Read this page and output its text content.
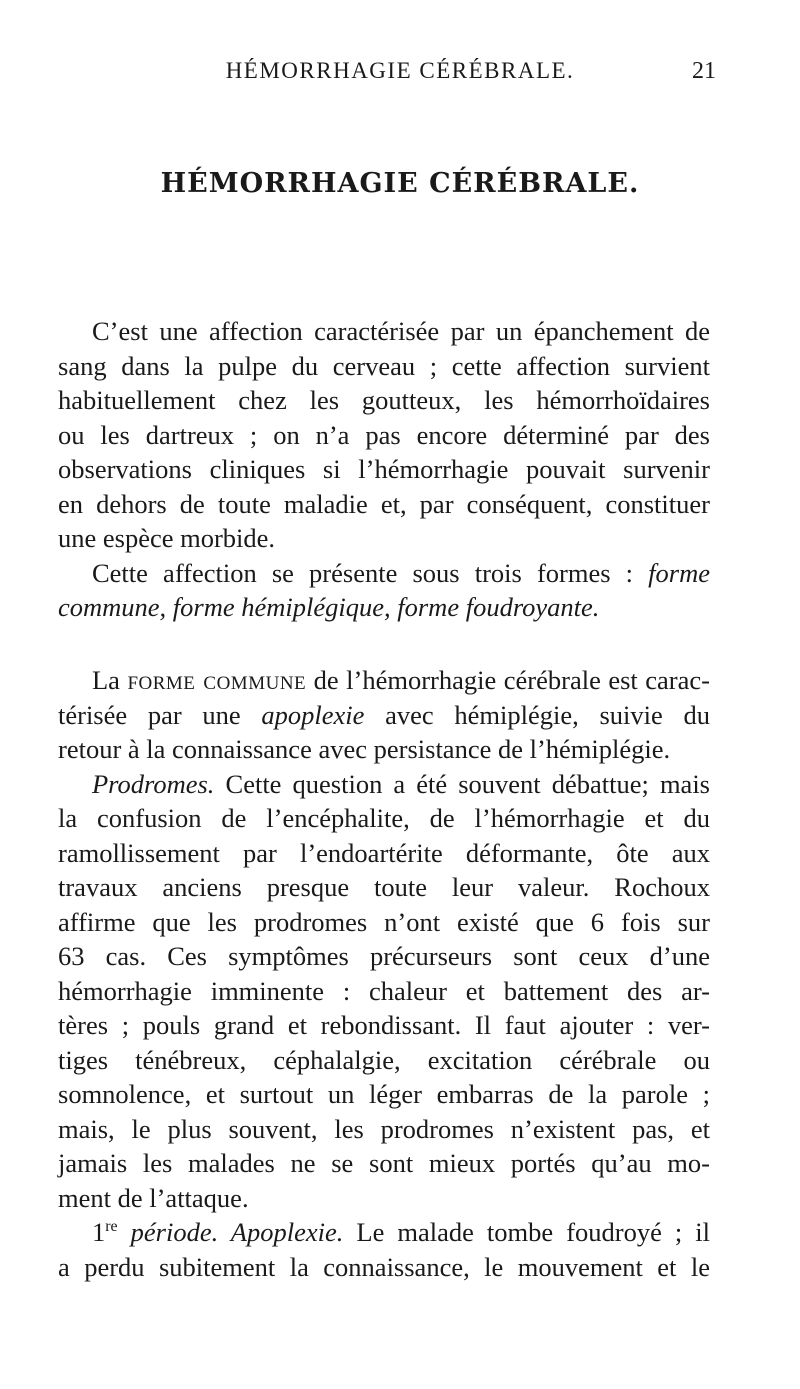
HÉMORRHAGIE CÉRÉBRALE.	21
HÉMORRHAGIE CÉRÉBRALE.
C’est une affection caractérisée par un épanchement de
sang dans la pulpe du cerveau ; cette affection survient
habituellement chez les goutteux, les hémorrhoïdaires
ou les dartreux ; on n’a pas encore déterminé par des
observations cliniques si l’hémorrhagie pouvait survenir
en dehors de toute maladie et, par conséquent, constituer
une espèce morbide.
Cette affection se présente sous trois formes : forme
commune, forme hémiplégique, forme foudroyante.
La forme commune de l’hémorrhagie cérébrale est carac-
térisée par une apoplexie avec hémiplégie, suivie du
retour à la connaissance avec persistance de l’hémiplégie.
Prodromes. Cette question a été souvent débattue; mais
la confusion de l’encéphalite, de l’hémorrhagie et du
ramollissement par l’endoartérite déformante, ôte aux
travaux anciens presque toute leur valeur. Rochoux
affirme que les prodromes n’ont existé que 6 fois sur
63 cas. Ces symptômes précurseurs sont ceux d’une
hémorrhagie imminente : chaleur et battement des ar-
tères ; pouls grand et rebondissant. Il faut ajouter : ver-
tiges ténébreux, céphalalgie, excitation cérébrale ou
somnolence, et surtout un léger embarras de la parole ;
mais, le plus souvent, les prodromes n’existent pas, et
jamais les malades ne se sont mieux portés qu’au mo-
ment de l’attaque.
1re période. Apoplexie. Le malade tombe foudroyé ; il
a perdu subitement la connaissance, le mouvement et le
